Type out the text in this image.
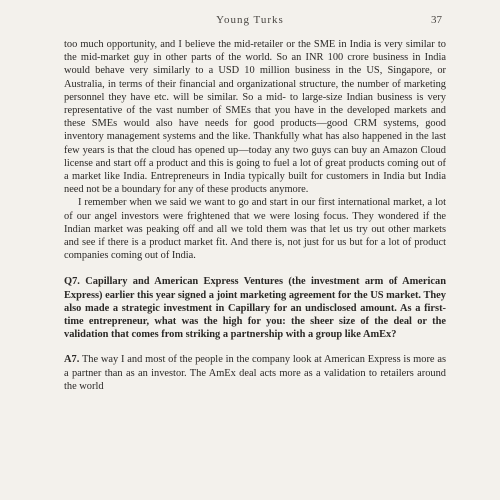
Young Turks	37

too much opportunity, and I believe the mid-retailer or the SME in India is very similar to the mid-market guy in other parts of the world. So an INR 100 crore business in India would behave very similarly to a USD 10 million business in the US, Singapore, or Australia, in terms of their financial and organizational structure, the number of marketing personnel they have etc. will be similar. So a mid- to large-size Indian business is very representative of the vast number of SMEs that you have in the developed markets and these SMEs would also have needs for good products—good CRM systems, good inventory management systems and the like. Thankfully what has also happened in the last few years is that the cloud has opened up—today any two guys can buy an Amazon Cloud license and start off a product and this is going to fuel a lot of great products coming out of a market like India. Entrepreneurs in India typically built for customers in India but India need not be a boundary for any of these products anymore.

I remember when we said we want to go and start in our first international market, a lot of our angel investors were frightened that we were losing focus. They wondered if the Indian market was peaking off and all we told them was that let us try out other markets and see if there is a product market fit. And there is, not just for us but for a lot of product companies coming out of India.

Q7. Capillary and American Express Ventures (the investment arm of American Express) earlier this year signed a joint marketing agreement for the US market. They also made a strategic investment in Capillary for an undisclosed amount. As a first-time entrepreneur, what was the high for you: the sheer size of the deal or the validation that comes from striking a partnership with a group like AmEx?

A7. The way I and most of the people in the company look at American Express is more as a partner than as an investor. The AmEx deal acts more as a validation to retailers around the world
